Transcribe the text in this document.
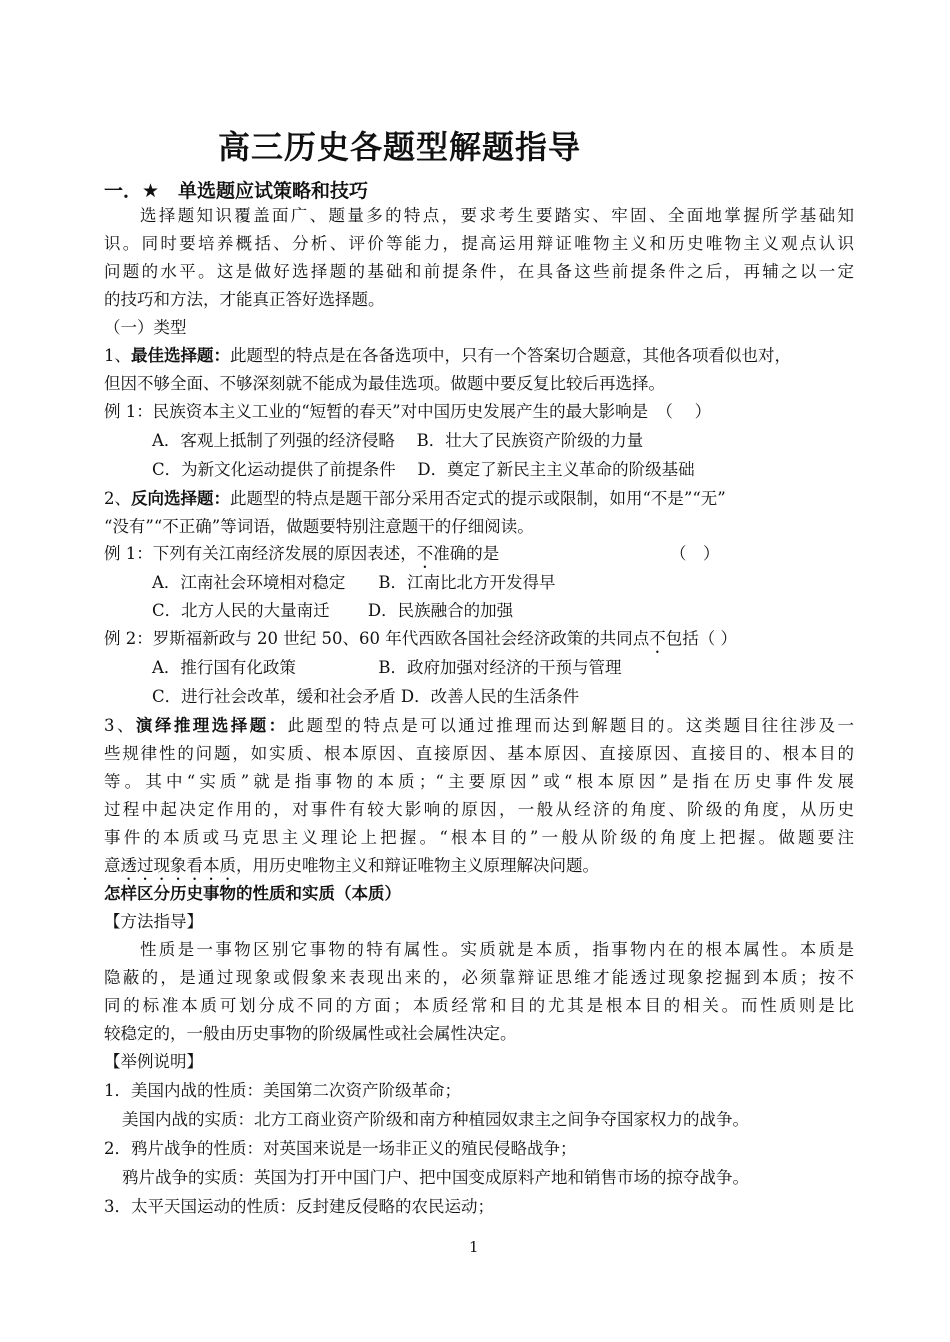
高三历史各题型解题指导
一．★　单选题应试策略和技巧
选择题知识覆盖面广、题量多的特点，要求考生要踏实、牢固、全面地掌握所学基础知
识。同时要培养概括、分析、评价等能力，提高运用辩证唯物主义和历史唯物主义观点认识
问题的水平。这是做好选择题的基础和前提条件，在具备这些前提条件之后，再辅之以一定
的技巧和方法，才能真正答好选择题。
（一）类型
1、最佳选择题：此题型的特点是在各备选项中，只有一个答案切合题意，其他各项看似也对，
但因不够全面、不够深刻就不能成为最佳选项。做题中要反复比较后再选择。
例 1：民族资本主义工业的“短暂的春天”对中国历史发展产生的最大影响是　（　 ）
A．客观上抵制了列强的经济侵略　 B．壮大了民族资产阶级的力量
C．为新文化运动提供了前提条件　 D．奠定了新民主主义革命的阶级基础
2、反向选择题：此题型的特点是题干部分采用否定式的提示或限制，如用“不是”“无”
“没有”“不正确”等词语，做题要特别注意题干的仔细阅读。
例 1：下列有关江南经济发展的原因表述，不准确的是	（　）
A．江南社会环境相对稳定　　B．江南比北方开发得早
C．北方人民的大量南迁　　 D．民族融合的加强
例 2：罗斯福新政与 20 世纪 50、60 年代西欧各国社会经济政策的共同点不包括（ ）
A．推行国有化政策　　　　　B．政府加强对经济的干预与管理
C．进行社会改革，缓和社会矛盾 D．改善人民的生活条件
3、演绎推理选择题：此题型的特点是可以通过推理而达到解题目的。这类题目往往涉及一
些规律性的问题，如实质、根本原因、直接原因、基本原因、直接原因、直接目的、根本目的
等。其中“实质”就是指事物的本质；“主要原因”或“根本原因”是指在历史事件发展
过程中起决定作用的，对事件有较大影响的原因，一般从经济的角度、阶级的角度，从历史
事件的本质或马克思主义理论上把握。“根本目的”一般从阶级的角度上把握。做题要注
意透过现象看本质，用历史唯物主义和辩证唯物主义原理解决问题。
怎样区分历史事物的性质和实质（本质）
【方法指导】
性质是一事物区别它事物的特有属性。实质就是本质，指事物内在的根本属性。本质是
隐蔽的，是通过现象或假象来表现出来的，必须靠辩证思维才能透过现象挖掘到本质；按不
同的标准本质可划分成不同的方面；本质经常和目的尤其是根本目的相关。而性质则是比
较稳定的，一般由历史事物的阶级属性或社会属性决定。
【举例说明】
1．美国内战的性质：美国第二次资产阶级革命；
美国内战的实质：北方工商业资产阶级和南方种植园奴隶主之间争夺国家权力的战争。
2．鸦片战争的性质：对英国来说是一场非正义的殖民侵略战争；
鸦片战争的实质：英国为打开中国门户、把中国变成原料产地和销售市场的掠夺战争。
3．太平天国运动的性质：反封建反侵略的农民运动；
1
